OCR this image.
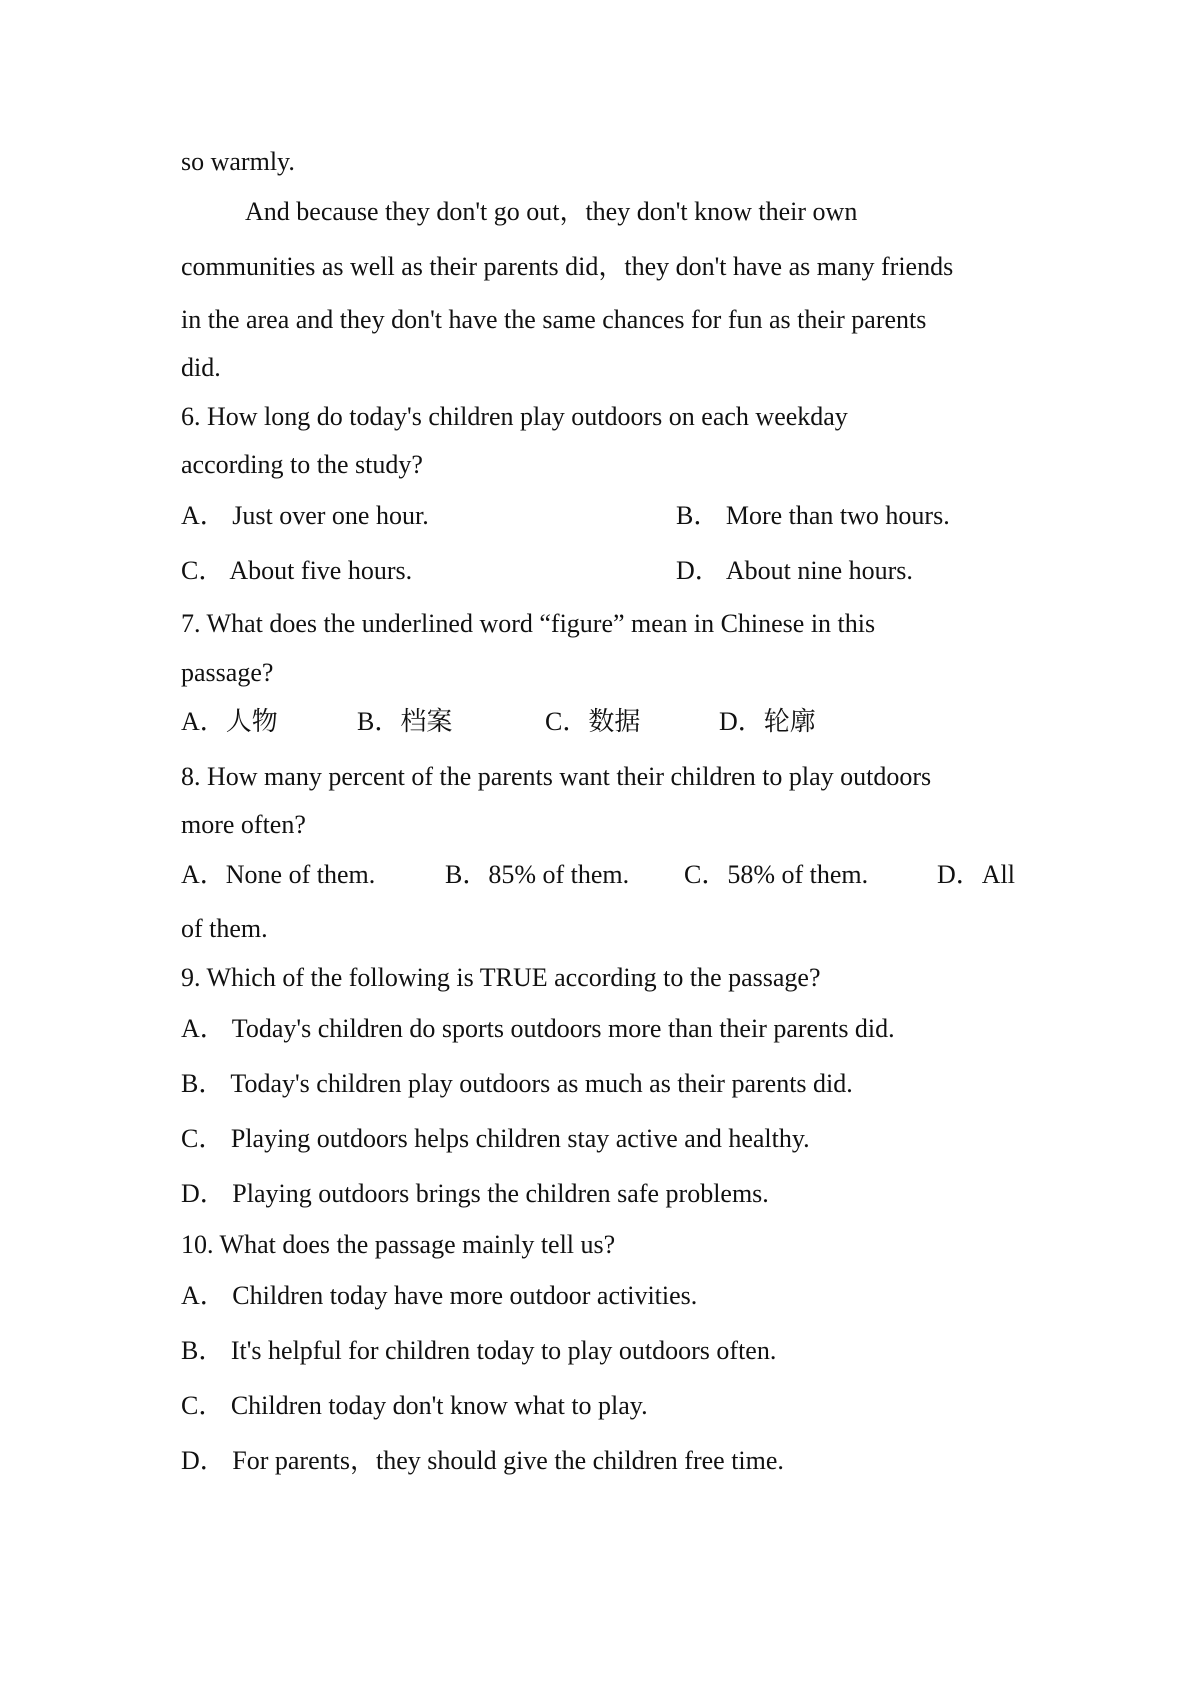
so warmly.
And because they don't go out，they don't know their own
communities as well as their parents did，they don't have as many friends
in the area and they don't have the same chances for fun as their parents
did.
6. How long do today's children play outdoors on each weekday
according to the study?
A． Just over one hour.	B． More than two hours.
C． About five hours.	D． About nine hours.
7. What does the underlined word “figure” mean in Chinese in this
passage?
A．人物	B．档案	C．数据	D．轮廓
8. How many percent of the parents want their children to play outdoors
more often?
A．None of them.	B．85% of them. C．58% of them.	D．All
of them.
9. Which of the following is TRUE according to the passage?
A． Today's children do sports outdoors more than their parents did.
B． Today's children play outdoors as much as their parents did.
C． Playing outdoors helps children stay active and healthy.
D． Playing outdoors brings the children safe problems.
10. What does the passage mainly tell us?
A． Children today have more outdoor activities.
B． It's helpful for children today to play outdoors often.
C． Children today don't know what to play.
D． For parents，they should give the children free time.
